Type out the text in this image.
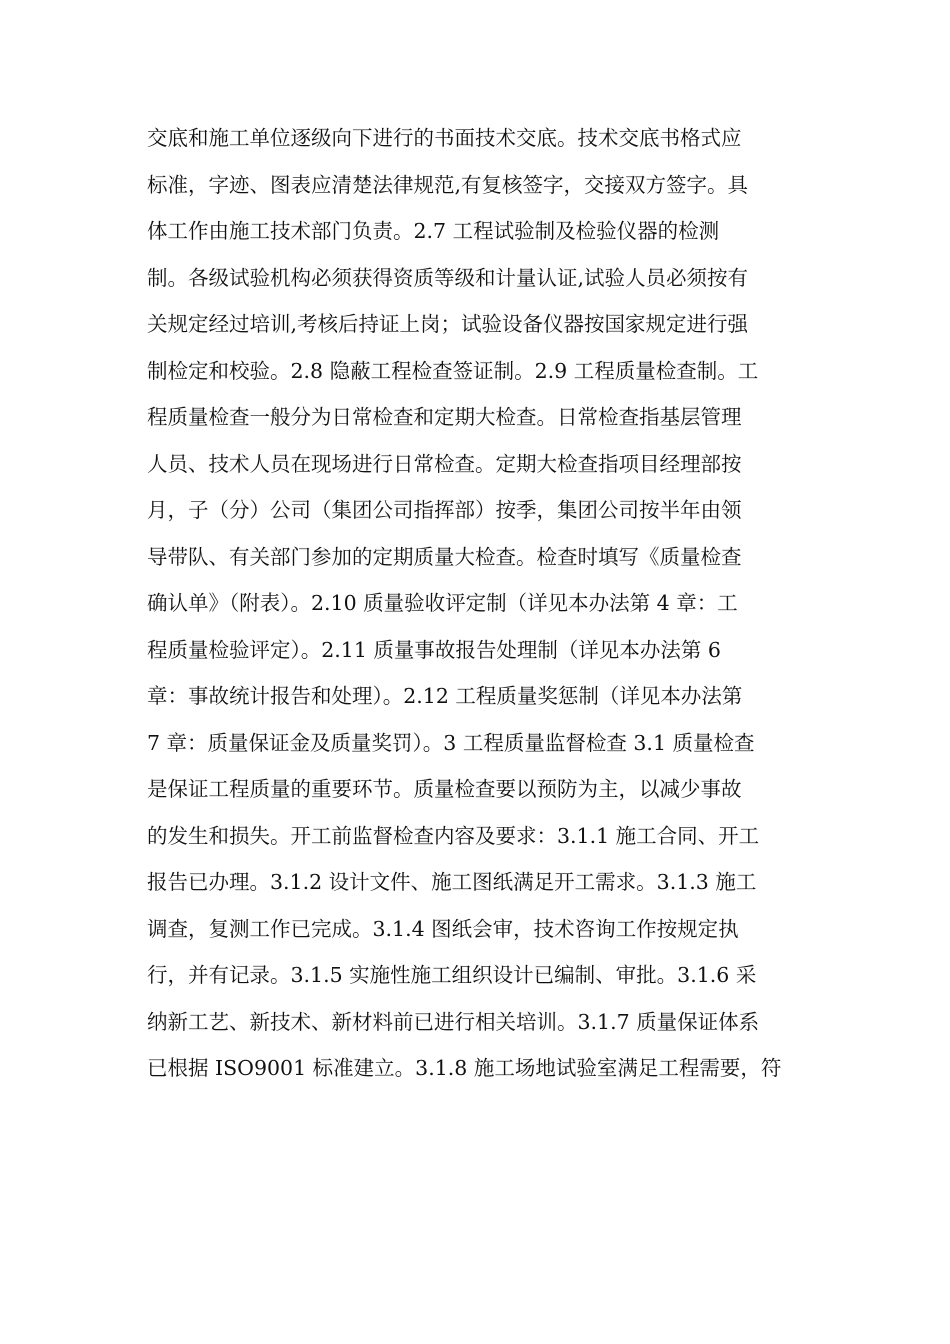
交底和施工单位逐级向下进行的书面技术交底。技术交底书格式应
标准，字迹、图表应清楚法律规范,有复核签字，交接双方签字。具
体工作由施工技术部门负责。2.7 工程试验制及检验仪器的检测
制。各级试验机构必须获得资质等级和计量认证,试验人员必须按有
关规定经过培训,考核后持证上岗；试验设备仪器按国家规定进行强
制检定和校验。2.8 隐蔽工程检查签证制。2.9 工程质量检查制。工
程质量检查一般分为日常检查和定期大检查。日常检查指基层管理
人员、技术人员在现场进行日常检查。定期大检查指项目经理部按
月，子（分）公司（集团公司指挥部）按季，集团公司按半年由领
导带队、有关部门参加的定期质量大检查。检查时填写《质量检查
确认单》（附表）。2.10 质量验收评定制（详见本办法第 4 章：工
程质量检验评定）。2.11 质量事故报告处理制（详见本办法第 6
章：事故统计报告和处理）。2.12 工程质量奖惩制（详见本办法第
7 章：质量保证金及质量奖罚）。3 工程质量监督检查 3.1 质量检查
是保证工程质量的重要环节。质量检查要以预防为主，以减少事故
的发生和损失。开工前监督检查内容及要求：3.1.1 施工合同、开工
报告已办理。3.1.2 设计文件、施工图纸满足开工需求。3.1.3 施工
调查，复测工作已完成。3.1.4 图纸会审，技术咨询工作按规定执
行，并有记录。3.1.5 实施性施工组织设计已编制、审批。3.1.6 采
纳新工艺、新技术、新材料前已进行相关培训。3.1.7 质量保证体系
已根据 ISO9001 标准建立。3.1.8 施工场地试验室满足工程需要，符
